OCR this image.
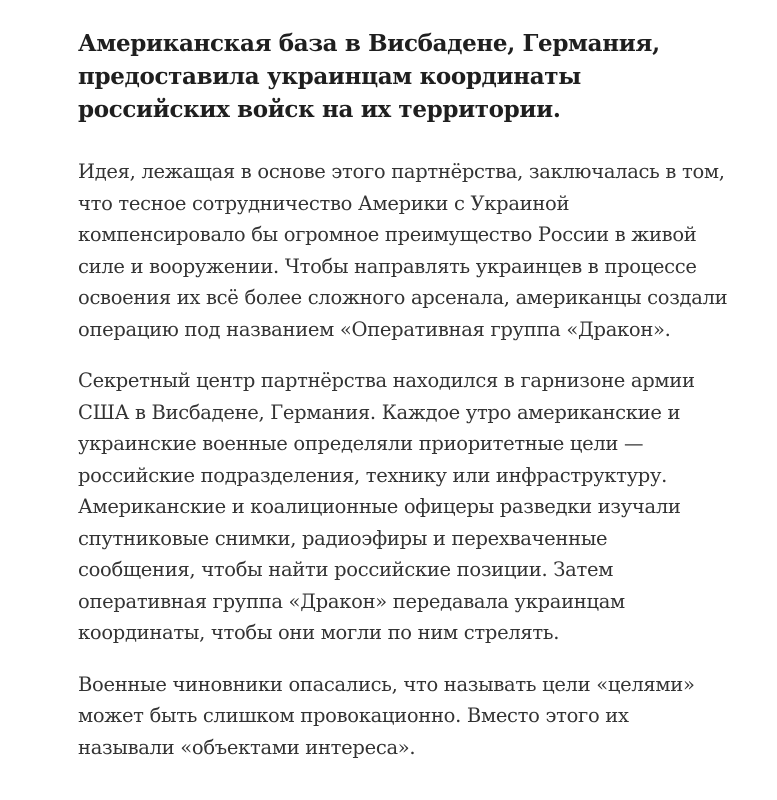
Американская база в Висбадене, Германия, предоставила украинцам координаты российских войск на их территории.

Идея, лежащая в основе этого партнёрства, заключалась в том, что тесное сотрудничество Америки с Украиной компенсировало бы огромное преимущество России в живой силе и вооружении. Чтобы направлять украинцев в процессе освоения их всё более сложного арсенала, американцы создали операцию под названием «Оперативная группа «Дракон».

Секретный центр партнёрства находился в гарнизоне армии США в Висбадене, Германия. Каждое утро американские и украинские военные определяли приоритетные цели — российские подразделения, технику или инфраструктуру. Американские и коалиционные офицеры разведки изучали спутниковые снимки, радиоэфиры и перехваченные сообщения, чтобы найти российские позиции. Затем оперативная группа «Дракон» передавала украинцам координаты, чтобы они могли по ним стрелять.

Военные чиновники опасались, что называть цели «целями» может быть слишком провокационно. Вместо этого их называли «объектами интереса».
